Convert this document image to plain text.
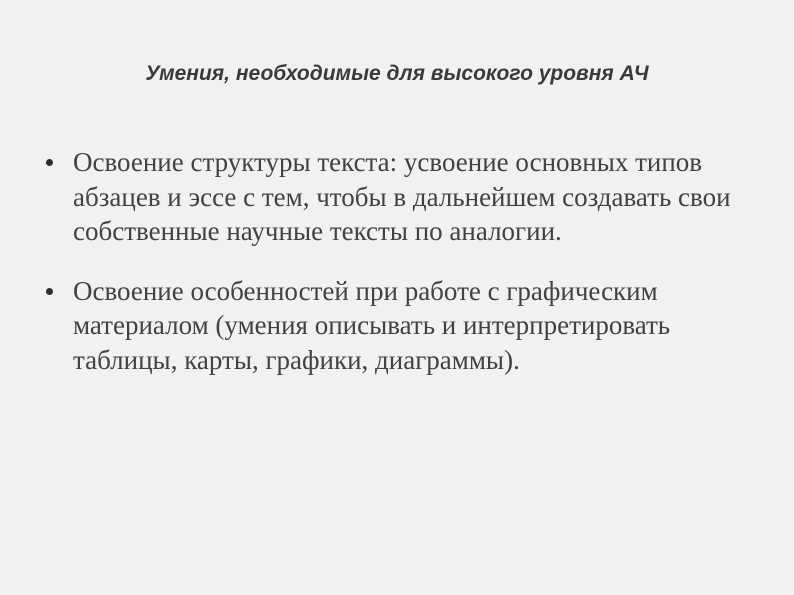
Умения, необходимые для высокого уровня АЧ
Освоение структуры текста: усвоение основных типов абзацев и эссе с тем, чтобы в дальнейшем создавать свои собственные научные тексты по аналогии.
Освоение особенностей при работе с графическим материалом (умения описывать и интерпретировать таблицы, карты, графики, диаграммы).
